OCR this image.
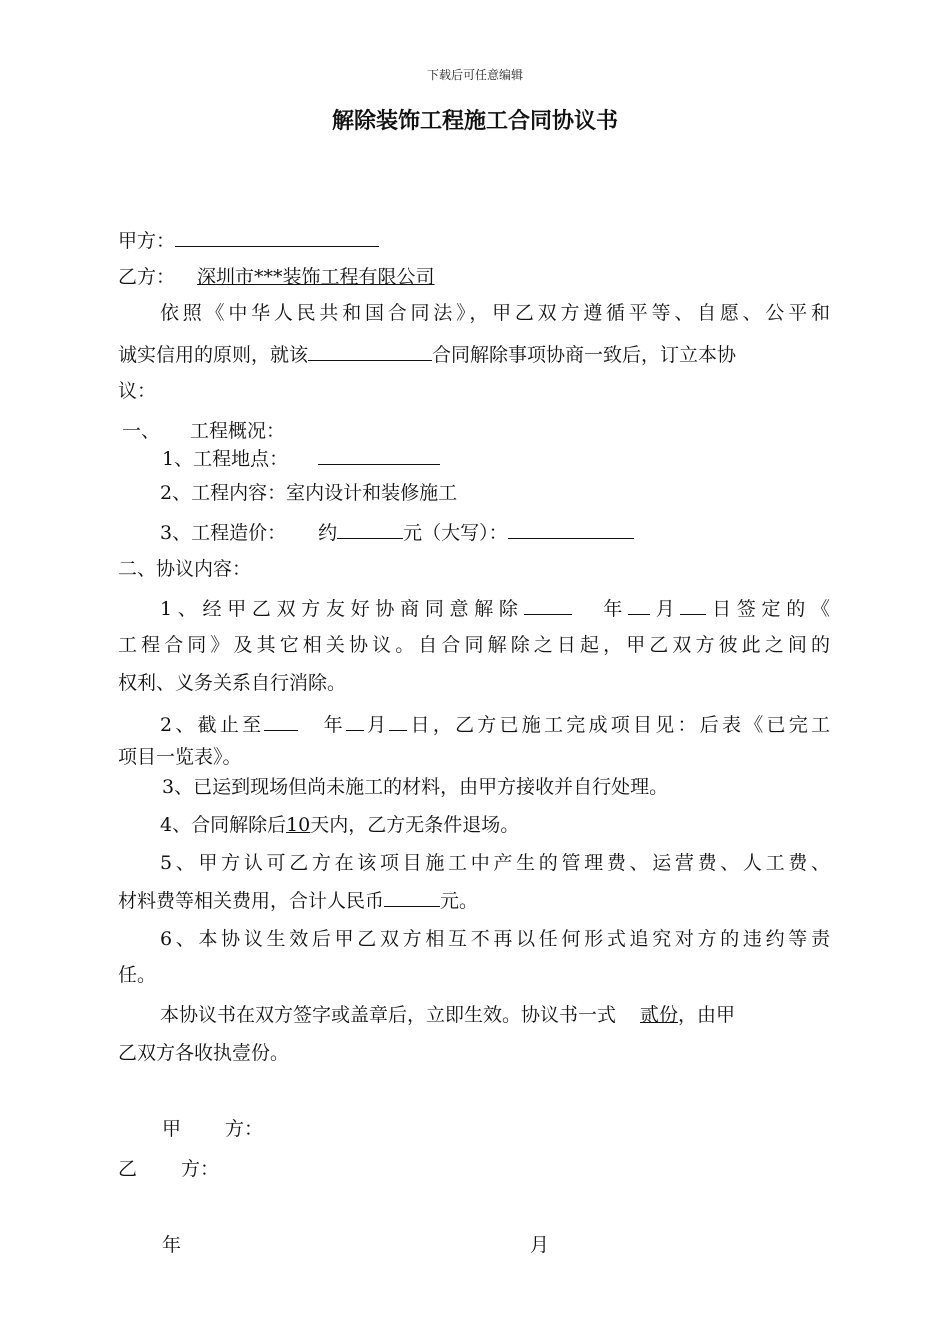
下载后可任意编辑
解除装饰工程施工合同协议书
甲方：
乙方： 深圳市***装饰工程有限公司
依照《中华人民共和国合同法》，甲乙双方遵循平等、自愿、公平和
诚实信用的原则，就该	合同解除事项协商一致后，订立本协
议：
一、 工程概况：
1、工程地点：
2、工程内容：室内设计和装修施工
3、工程造价： 约	元（大写）：
二、协议内容：
1、经甲乙双方友好协商同意解除	年 月 日签定的《
工程合同》及其它相关协议。自合同解除之日起，甲乙双方彼此之间的
权利、义务关系自行消除。
2、截止至	年 月 日，乙方已施工完成项目见：后表《已完工
项目一览表》。
3、已运到现场但尚未施工的材料，由甲方接收并自行处理。
4、合同解除后10天内，乙方无条件退场。
5、甲方认可乙方在该项目施工中产生的管理费、运营费、人工费、
材料费等相关费用，合计人民币	元。
6、本协议生效后甲乙双方相互不再以任何形式追究对方的违约等责
任。
本协议书在双方签字或盖章后，立即生效。协议书一式 贰份，由甲
乙双方各收执壹份。
甲 方：
乙 方：
年	月
